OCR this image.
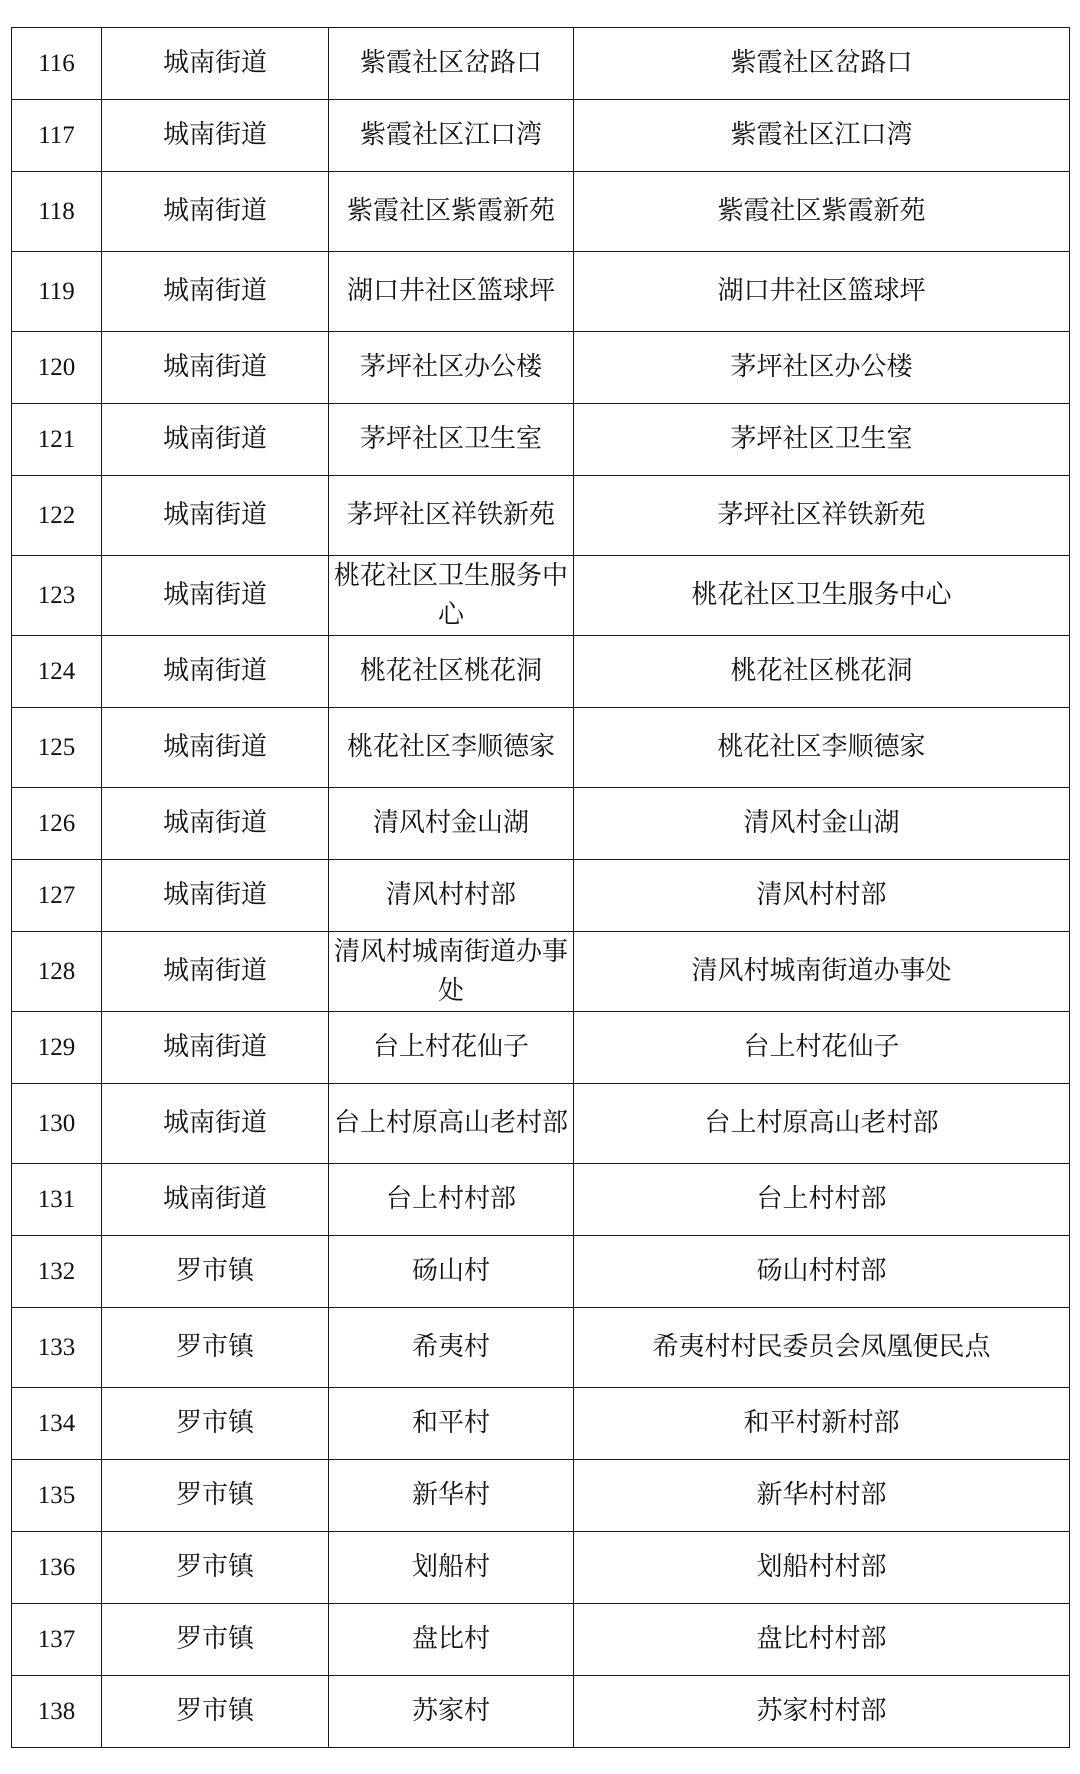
116	城南街道	紫霞社区岔路口	紫霞社区岔路口
117	城南街道	紫霞社区江口湾	紫霞社区江口湾
118	城南街道	紫霞社区紫霞新苑	紫霞社区紫霞新苑
119	城南街道	湖口井社区篮球坪	湖口井社区篮球坪
120	城南街道	茅坪社区办公楼	茅坪社区办公楼
121	城南街道	茅坪社区卫生室	茅坪社区卫生室
122	城南街道	茅坪社区祥铁新苑	茅坪社区祥铁新苑
123	城南街道	桃花社区卫生服务中心	桃花社区卫生服务中心
124	城南街道	桃花社区桃花洞	桃花社区桃花洞
125	城南街道	桃花社区李顺德家	桃花社区李顺德家
126	城南街道	清风村金山湖	清风村金山湖
127	城南街道	清风村村部	清风村村部
128	城南街道	清风村城南街道办事处	清风村城南街道办事处
129	城南街道	台上村花仙子	台上村花仙子
130	城南街道	台上村原高山老村部	台上村原高山老村部
131	城南街道	台上村村部	台上村村部
132	罗市镇	砀山村	砀山村村部
133	罗市镇	希夷村	希夷村村民委员会凤凰便民点
134	罗市镇	和平村	和平村新村部
135	罗市镇	新华村	新华村村部
136	罗市镇	划船村	划船村村部
137	罗市镇	盘比村	盘比村村部
138	罗市镇	苏家村	苏家村村部
